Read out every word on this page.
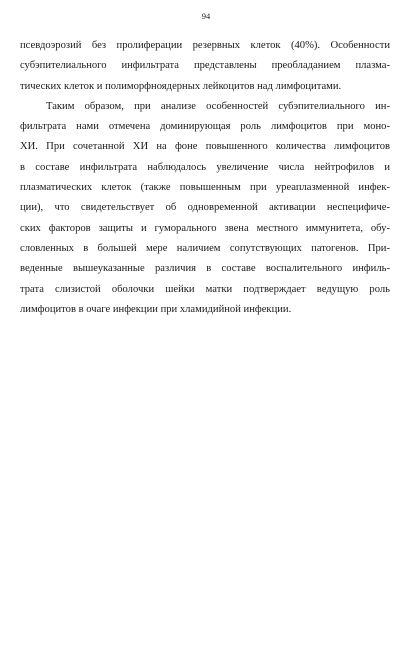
94
псевдоэрозий без пролиферации резервных клеток (40%). Особенности
субэпителиального инфильтрата представлены преобладанием плазма-
тических клеток и полиморфноядерных лейкоцитов над лимфоцитами.
Таким образом, при анализе особенностей субэпителиального ин-
фильтрата нами отмечена доминирующая роль лимфоцитов при моно-
ХИ. При сочетанной ХИ на фоне повышенного количества лимфоцитов
в составе инфильтрата наблюдалось увеличение числа нейтрофилов и
плазматических клеток (также повышенным при уреаплазменной инфек-
ции), что свидетельствует об одновременной активации неспецифиче-
ских факторов защиты и гуморального звена местного иммунитета, обу-
словленных в большей мере наличием сопутствующих патогенов. При-
веденные вышеуказанные различия в составе воспалительного инфиль-
трата слизистой оболочки шейки матки подтверждает ведущую роль
лимфоцитов в очаге инфекции при хламидийной инфекции.
